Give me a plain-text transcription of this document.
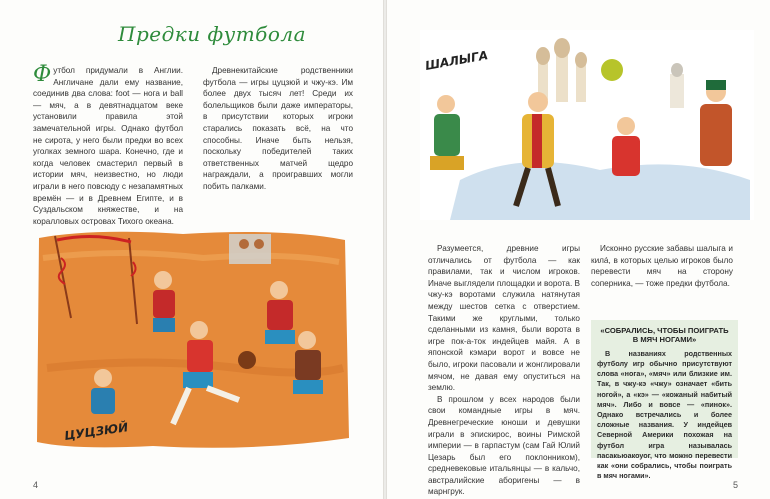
Предки футбола

Футбол придумали в Англии. Англичане дали ему название, соединив два слова: foot — нога и ball — мяч, а в девятнадцатом веке установили правила этой замечательной игры. Однако футбол не сирота, у него были предки во всех уголках земного шара. Конечно, где и когда человек смастерил первый в истории мяч, неизвестно, но люди играли в него повсюду с незапамятных времён — и в Древнем Египте, и в Суздальском княжестве, и на коралловых островах Тихого океана.

Древнекитайские родственники футбола — игры цуцзюй и чжу-кэ. Им более двух тысяч лет! Среди их болельщиков были даже императоры, в присутствии которых игроки старались показать всё, на что способны. Иначе быть нельзя, поскольку победителей таких ответственных матчей щедро награждали, а проигравших могли побить палками.

ЦУЦЗЮЙ
ШАЛЫГА

Разумеется, древние игры отличались от футбола — как правилами, так и числом игроков. Иначе выглядели площадки и ворота. В чжу-кэ воротами служила натянутая между шестов сетка с отверстием. Такими же круглыми, только сделанными из камня, были ворота в игре пок-а-ток индейцев майя. А в японской кэмари ворот и вовсе не было, игроки пасовали и жонглировали мячом, не давая ему опуститься на землю.

В прошлом у всех народов были свои командные игры в мяч. Древнегреческие юноши и девушки играли в эпискирос, воины Римской империи — в гарпастум (сам Гай Юлий Цезарь был его поклонником), средневековые итальянцы — в кальчо, австралийские аборигены — в марнгрук.

Исконно русские забавы шалыга и килá, в которых целью игроков было перевести мяч на сторону соперника, — тоже предки футбола.

«СОБРАЛИСЬ, ЧТОБЫ ПОИГРАТЬ В МЯЧ НОГАМИ»
В названиях родственных футболу игр обычно присутствуют слова «нога», «мяч» или близкие им. Так, в чжу-кэ «чжу» означает «бить ногой», а «кэ» — «кожаный набитый мяч». Либо и вовсе — «пинок». Однако встречались и более сложные названия. У индейцев Северной Америки похожая на футбол игра называлась пасакьюакоуог, что можно перевести как «они собрались, чтобы поиграть в мяч ногами».
4	5
